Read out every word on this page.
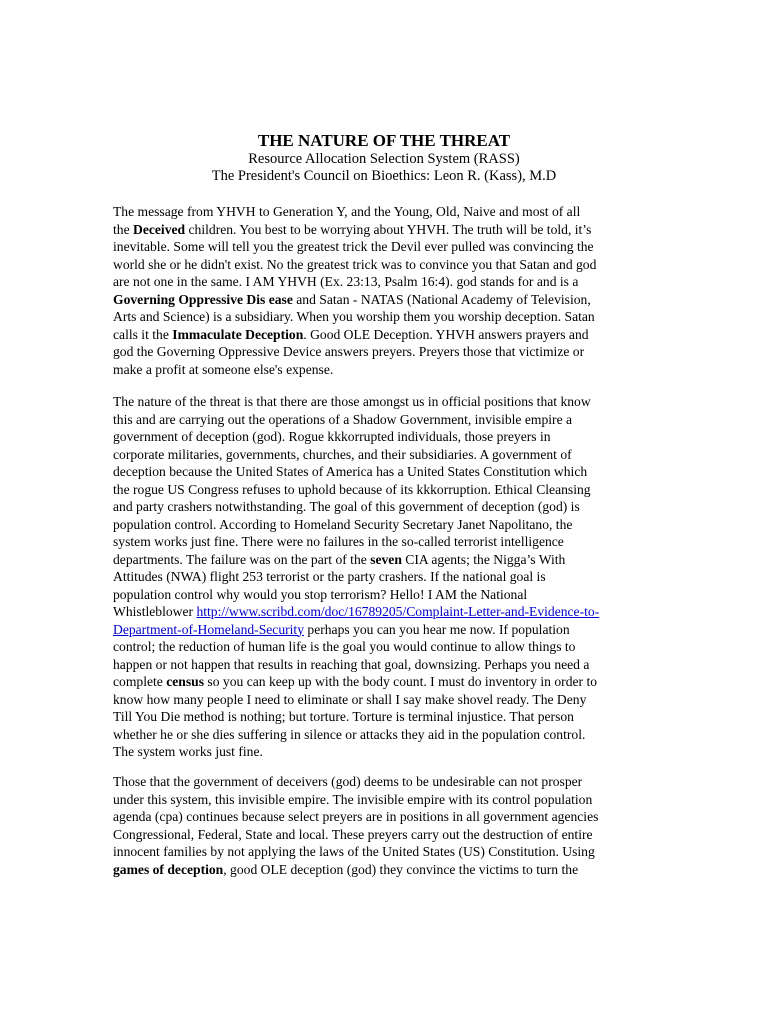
THE NATURE OF THE THREAT

Resource Allocation Selection System (RASS)

The President's Council on Bioethics: Leon R. (Kass), M.D

The message from YHVH to Generation Y, and the Young, Old, Naive and most of all
the Deceived children. You best to be worrying about YHVH. The truth will be told, it’s
inevitable. Some will tell you the greatest trick the Devil ever pulled was convincing the
world she or he didn't exist. No the greatest trick was to convince you that Satan and god
are not one in the same. I AM YHVH (Ex. 23:13, Psalm 16:4). god stands for and is a
Governing Oppressive Dis ease and Satan - NATAS (National Academy of Television,
Arts and Science) is a subsidiary. When you worship them you worship deception. Satan
calls it the Immaculate Deception. Good OLE Deception. YHVH answers prayers and
god the Governing Oppressive Device answers preyers. Preyers those that victimize or
make a profit at someone else's expense.
The nature of the threat is that there are those amongst us in official positions that know
this and are carrying out the operations of a Shadow Government, invisible empire a
government of deception (god). Rogue kkkorrupted individuals, those preyers in
corporate militaries, governments, churches, and their subsidiaries. A government of
deception because the United States of America has a United States Constitution which
the rogue US Congress refuses to uphold because of its kkkorruption. Ethical Cleansing
and party crashers notwithstanding. The goal of this government of deception (god) is
population control. According to Homeland Security Secretary Janet Napolitano, the
system works just fine. There were no failures in the so-called terrorist intelligence
departments. The failure was on the part of the seven CIA agents; the Nigga’s With
Attitudes (NWA) flight 253 terrorist or the party crashers. If the national goal is
population control why would you stop terrorism? Hello! I AM the National
Whistleblower http://www.scribd.com/doc/16789205/Complaint-Letter-and-Evidence-to-
Department-of-Homeland-Security perhaps you can you hear me now. If population
control; the reduction of human life is the goal you would continue to allow things to
happen or not happen that results in reaching that goal, downsizing. Perhaps you need a
complete census so you can keep up with the body count. I must do inventory in order to
know how many people I need to eliminate or shall I say make shovel ready. The Deny
Till You Die method is nothing; but torture. Torture is terminal injustice. That person
whether he or she dies suffering in silence or attacks they aid in the population control.
The system works just fine.
Those that the government of deceivers (god) deems to be undesirable can not prosper
under this system, this invisible empire. The invisible empire with its control population
agenda (cpa) continues because select preyers are in positions in all government agencies
Congressional, Federal, State and local. These preyers carry out the destruction of entire
innocent families by not applying the laws of the United States (US) Constitution. Using
games of deception, good OLE deception (god) they convince the victims to turn the
